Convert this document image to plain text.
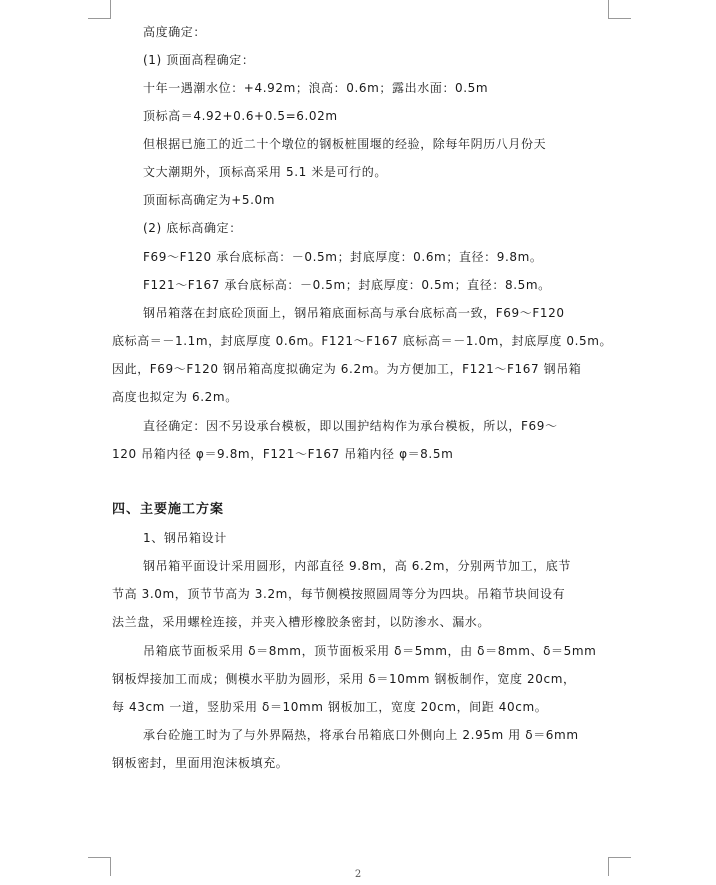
高度确定：
(1) 顶面高程确定：
十年一遇潮水位：+4.92m；浪高：0.6m；露出水面：0.5m
顶标高＝4.92+0.6+0.5=6.02m
但根据已施工的近二十个墩位的钢板桩围堰的经验，除每年阴历八月份天
文大潮期外，顶标高采用 5.1 米是可行的。
顶面标高确定为+5.0m
(2) 底标高确定：
F69～F120 承台底标高：－0.5m；封底厚度：0.6m；直径：9.8m。
F121～F167 承台底标高：－0.5m；封底厚度：0.5m；直径：8.5m。
钢吊箱落在封底砼顶面上，钢吊箱底面标高与承台底标高一致，F69～F120
底标高＝－1.1m，封底厚度 0.6m。F121～F167 底标高＝－1.0m，封底厚度 0.5m。
因此，F69～F120 钢吊箱高度拟确定为 6.2m。为方便加工，F121～F167 钢吊箱
高度也拟定为 6.2m。
直径确定：因不另设承台模板，即以围护结构作为承台模板，所以，F69～
120 吊箱内径 φ＝9.8m，F121～F167 吊箱内径 φ＝8.5m
四、主要施工方案
1、钢吊箱设计
钢吊箱平面设计采用圆形，内部直径 9.8m，高 6.2m，分别两节加工，底节
节高 3.0m，顶节节高为 3.2m，每节侧模按照圆周等分为四块。吊箱节块间设有
法兰盘，采用螺栓连接，并夹入槽形橡胶条密封，以防渗水、漏水。
吊箱底节面板采用 δ＝8mm，顶节面板采用 δ＝5mm，由 δ＝8mm、δ＝5mm
钢板焊接加工而成；侧模水平肋为圆形，采用 δ＝10mm 钢板制作，宽度 20cm，
每 43cm 一道，竖肋采用 δ＝10mm 钢板加工，宽度 20cm，间距 40cm。
承台砼施工时为了与外界隔热，将承台吊箱底口外侧向上 2.95m 用 δ＝6mm
钢板密封，里面用泡沫板填充。
2
